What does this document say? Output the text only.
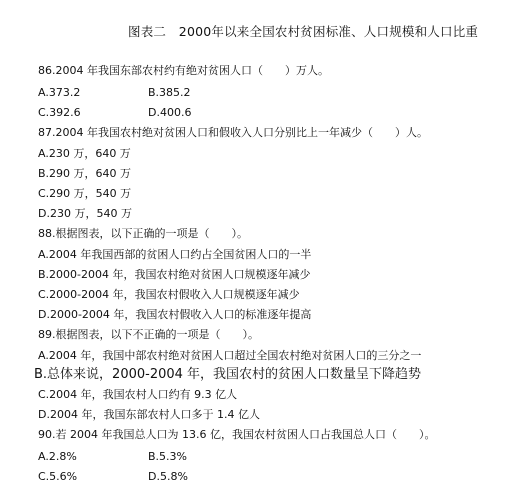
图表二　2000年以来全国农村贫困标准、人口规模和人口比重
86.2004 年我国东部农村约有绝对贫困人口（　　）万人。
A.373.2	B.385.2
C.392.6	D.400.6
87.2004 年我国农村绝对贫困人口和假收入人口分别比上一年减少（　　）人。
A.230 万，640 万
B.290 万，640 万
C.290 万，540 万
D.230 万，540 万
88.根据图表，以下正确的一项是（　　）。
A.2004 年我国西部的贫困人口约占全国贫困人口的一半
B.2000-2004 年，我国农村绝对贫困人口规模逐年减少
C.2000-2004 年，我国农村假收入人口规模逐年减少
D.2000-2004 年，我国农村假收入人口的标准逐年提高
89.根据图表，以下不正确的一项是（　　）。
A.2004 年，我国中部农村绝对贫困人口超过全国农村绝对贫困人口的三分之一
B.总体来说，2000-2004 年，我国农村的贫困人口数量呈下降趋势
C.2004 年，我国农村人口约有 9.3 亿人
D.2004 年，我国东部农村人口多于 1.4 亿人
90.若 2004 年我国总人口为 13.6 亿，我国农村贫困人口占我国总人口（　　）。
A.2.8%	B.5.3%
C.5.6%	D.5.8%
